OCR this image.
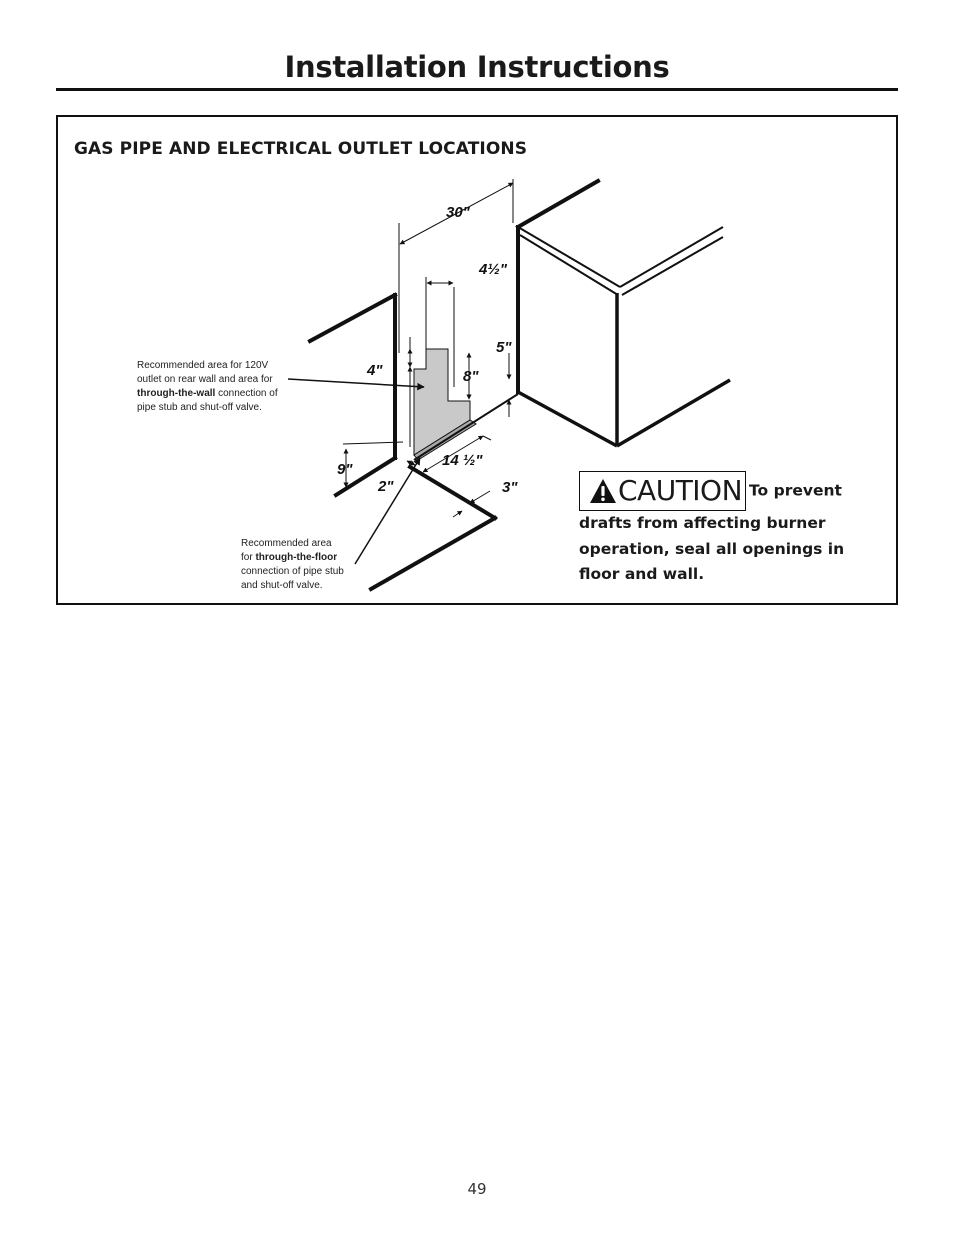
Installation Instructions
GAS PIPE AND ELECTRICAL OUTLET LOCATIONS
30"
4½"
5"
4"	8"
9"
14 ½"
2"	3"
Recommended area for 120V
outlet on rear wall and area for
through-the-wall connection of
pipe stub and shut-off valve.
Recommended area
for through-the-floor
connection of pipe stub
and shut-off valve.
CAUTION To prevent drafts from affecting burner operation, seal all openings in floor and wall.
49
